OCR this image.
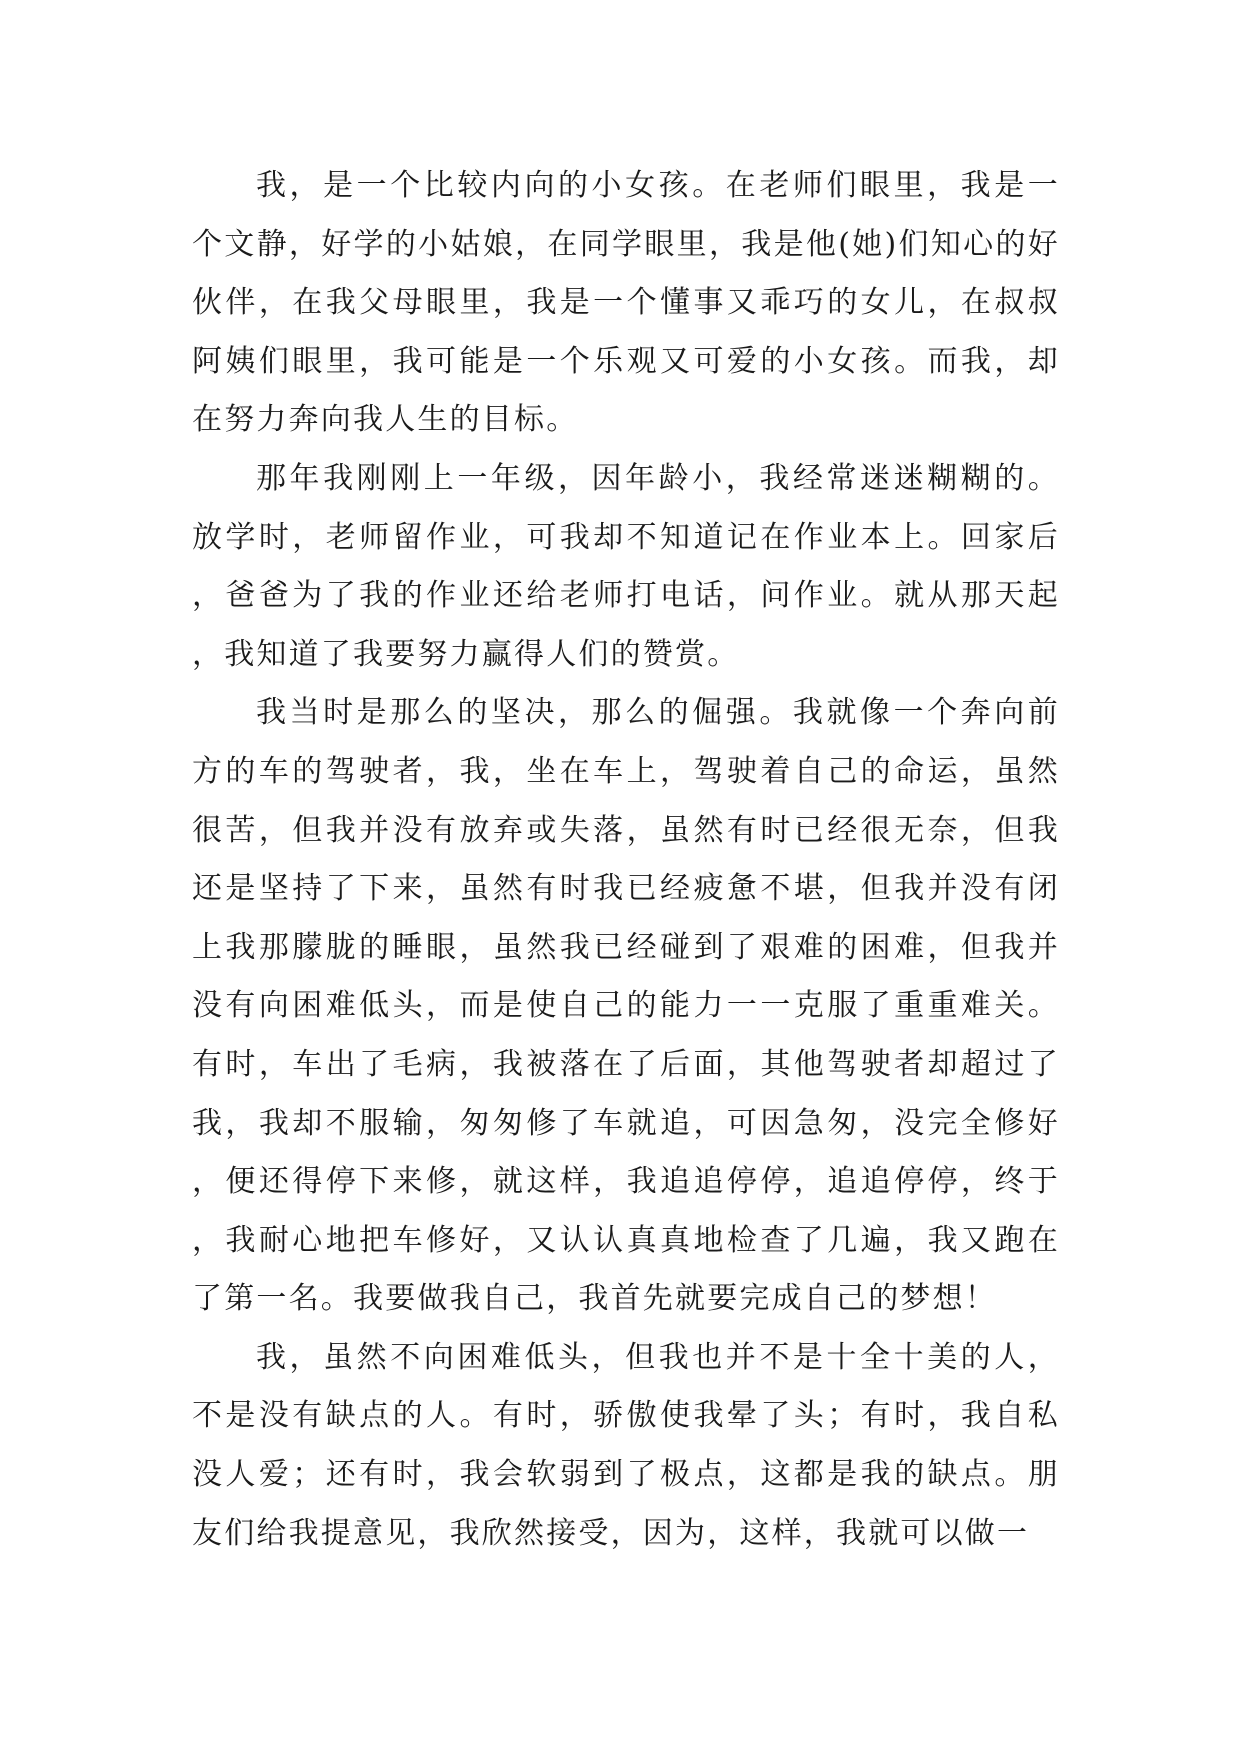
我，是一个比较内向的小女孩。在老师们眼里，我是一个文静，好学的小姑娘，在同学眼里，我是他(她)们知心的好伙伴，在我父母眼里，我是一个懂事又乖巧的女儿，在叔叔阿姨们眼里，我可能是一个乐观又可爱的小女孩。而我，却在努力奔向我人生的目标。

那年我刚刚上一年级，因年龄小，我经常迷迷糊糊的。放学时，老师留作业，可我却不知道记在作业本上。回家后，爸爸为了我的作业还给老师打电话，问作业。就从那天起，我知道了我要努力赢得人们的赞赏。

我当时是那么的坚决，那么的倔强。我就像一个奔向前方的车的驾驶者，我，坐在车上，驾驶着自己的命运，虽然很苦，但我并没有放弃或失落，虽然有时已经很无奈，但我还是坚持了下来，虽然有时我已经疲惫不堪，但我并没有闭上我那朦胧的睡眼，虽然我已经碰到了艰难的困难，但我并没有向困难低头，而是使自己的能力一一克服了重重难关。有时，车出了毛病，我被落在了后面，其他驾驶者却超过了我，我却不服输，匆匆修了车就追，可因急匆，没完全修好，便还得停下来修，就这样，我追追停停，追追停停，终于，我耐心地把车修好，又认认真真地检查了几遍，我又跑在了第一名。我要做我自己，我首先就要完成自己的梦想！

我，虽然不向困难低头，但我也并不是十全十美的人，不是没有缺点的人。有时，骄傲使我晕了头；有时，我自私没人爱；还有时，我会软弱到了极点，这都是我的缺点。朋友们给我提意见，我欣然接受，因为，这样，我就可以做一
